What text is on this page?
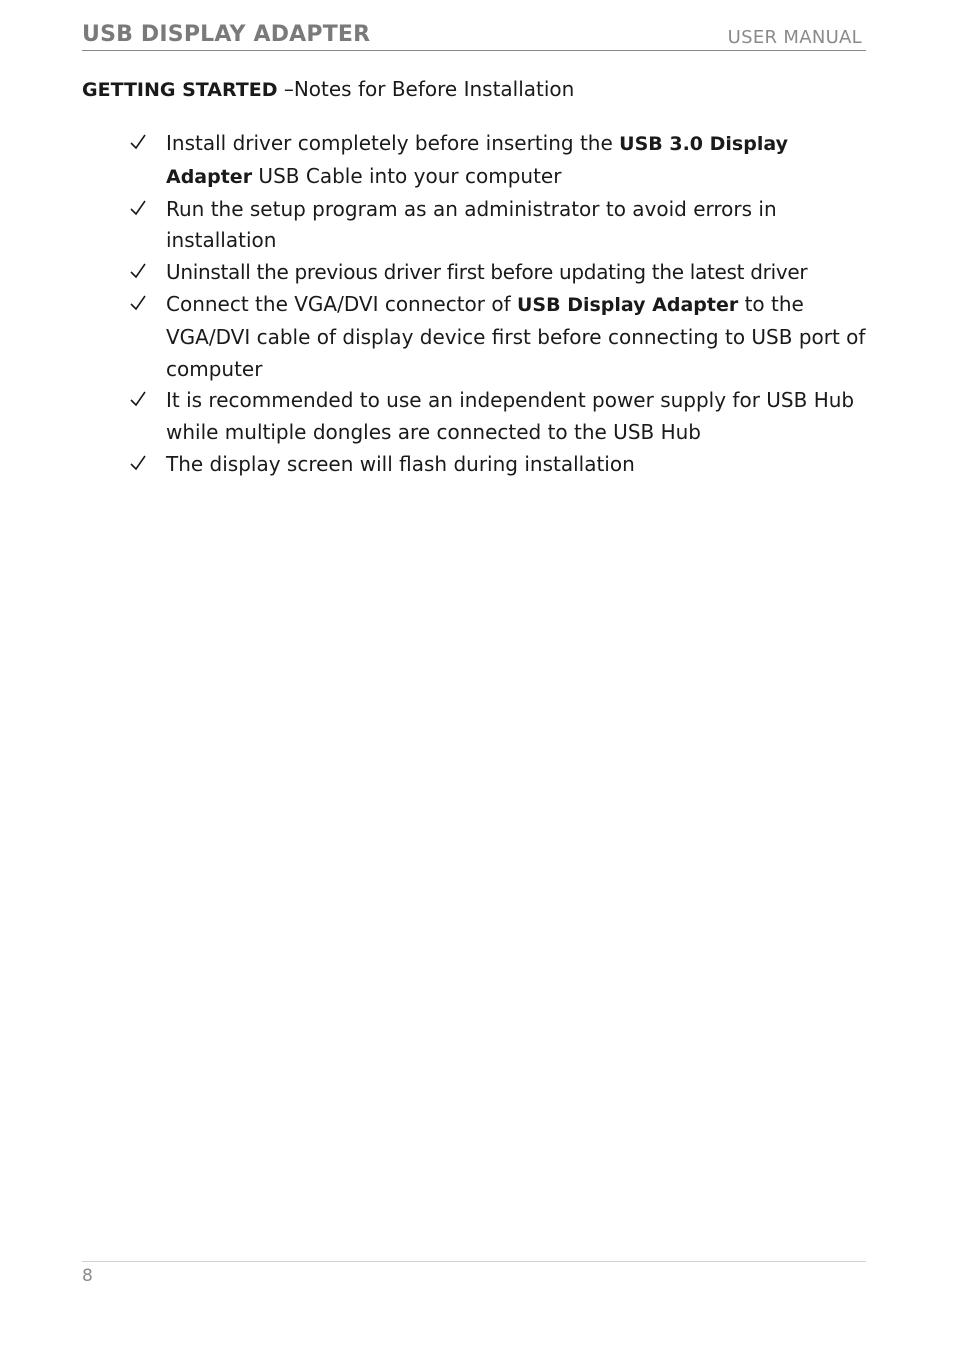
USB DISPLAY ADAPTER	USER MANUAL
GETTING STARTED –Notes for Before Installation
Install driver completely before inserting the USB 3.0 Display Adapter USB Cable into your computer
Run the setup program as an administrator to avoid errors in installation
Uninstall the previous driver first before updating the latest driver
Connect the VGA/DVI connector of USB Display Adapter to the VGA/DVI cable of display device first before connecting to USB port of computer
It is recommended to use an independent power supply for USB Hub while multiple dongles are connected to the USB Hub
The display screen will flash during installation
8
